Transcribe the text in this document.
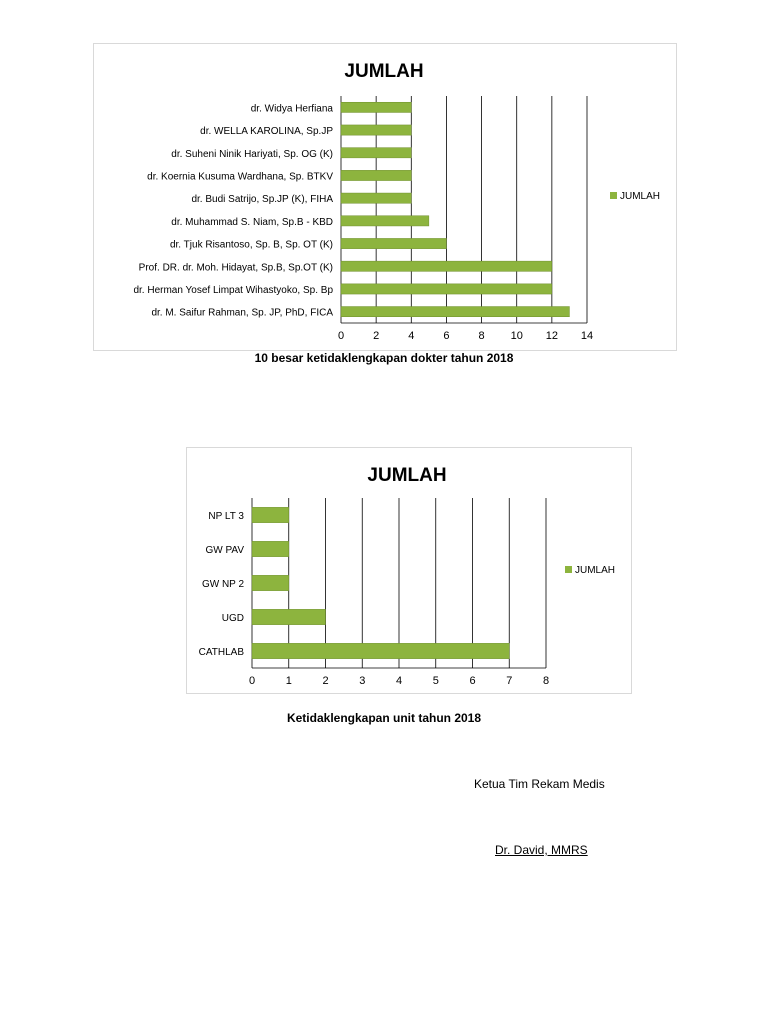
JUMLAH
0	2	4	6	8 10 12 14
dr. Widya Herfiana
dr. WELLA KAROLINA, Sp.JP
dr. Suheni Ninik Hariyati, Sp. OG (K)
dr. Koernia Kusuma Wardhana, Sp. BTKV
dr. Budi Satrijo, Sp.JP (K), FIHA
dr. Muhammad S. Niam, Sp.B - KBD
dr. Tjuk Risantoso, Sp. B, Sp. OT (K)
Prof. DR. dr. Moh. Hidayat, Sp.B, Sp.OT (K)
dr. Herman Yosef Limpat Wihastyoko, Sp. Bp
dr. M. Saifur Rahman, Sp. JP, PhD, FICA
JUMLAH
10 besar ketidaklengkapan dokter tahun 2018
JUMLAH
0	1	2	3	4	5	6	7	8
NP LT 3
GW PAV
GW NP 2
UGD
CATHLAB
JUMLAH
Ketidaklengkapan unit tahun 2018
Ketua Tim Rekam Medis
Dr. David, MMRS
